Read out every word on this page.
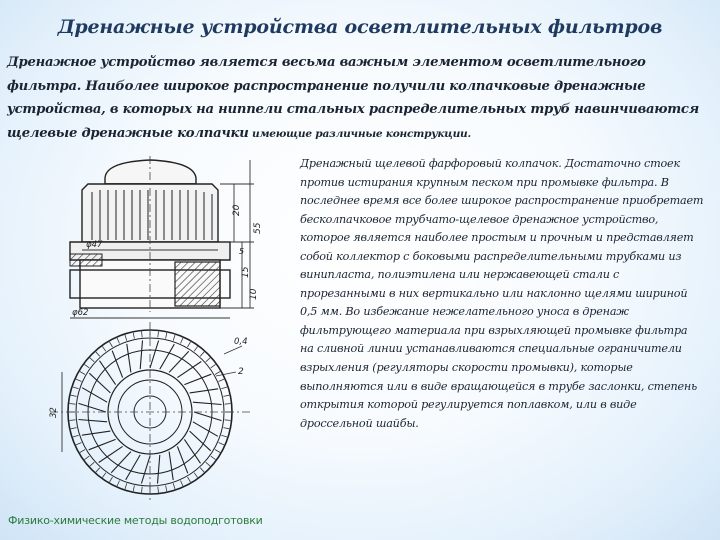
Дренажные устройства осветлительных фильтров
Дренажное устройство является весьма важным элементом осветлительного фильтра. Наиболее широкое распространение получили колпачковые дренажные устройства, в которых на ниппели стальных распределительных труб навинчиваются щелевые дренажные колпачки имеющие различные конструкции.
20
55
5
15
10
φ47
φ62
0,4
2
32
Дренажный щелевой фарфоровый колпачок. Достаточно стоек против истирания крупным песком при промывке фильтра. В последнее время все более широкое распространение приобретает бесколпачковое трубчато-щелевое дренажное устройство, которое является наиболее простым и прочным и представляет собой коллектор с боковыми распределительными трубками из винипласта, полиэтилена или нержавеющей стали с прорезанными в них вертикально или наклонно щелями шириной 0,5 мм. Во избежание нежелательного уноса в дренаж фильтрующего материала при взрыхляющей промывке фильтра на сливной линии устанавливаются специальные ограничители взрыхления (регуляторы скорости промывки), которые выполняются или в виде вращающейся в трубе заслонки, степень открытия которой регулируется поплавком, или в виде дроссельной шайбы.
Физико-химические методы водоподготовки
